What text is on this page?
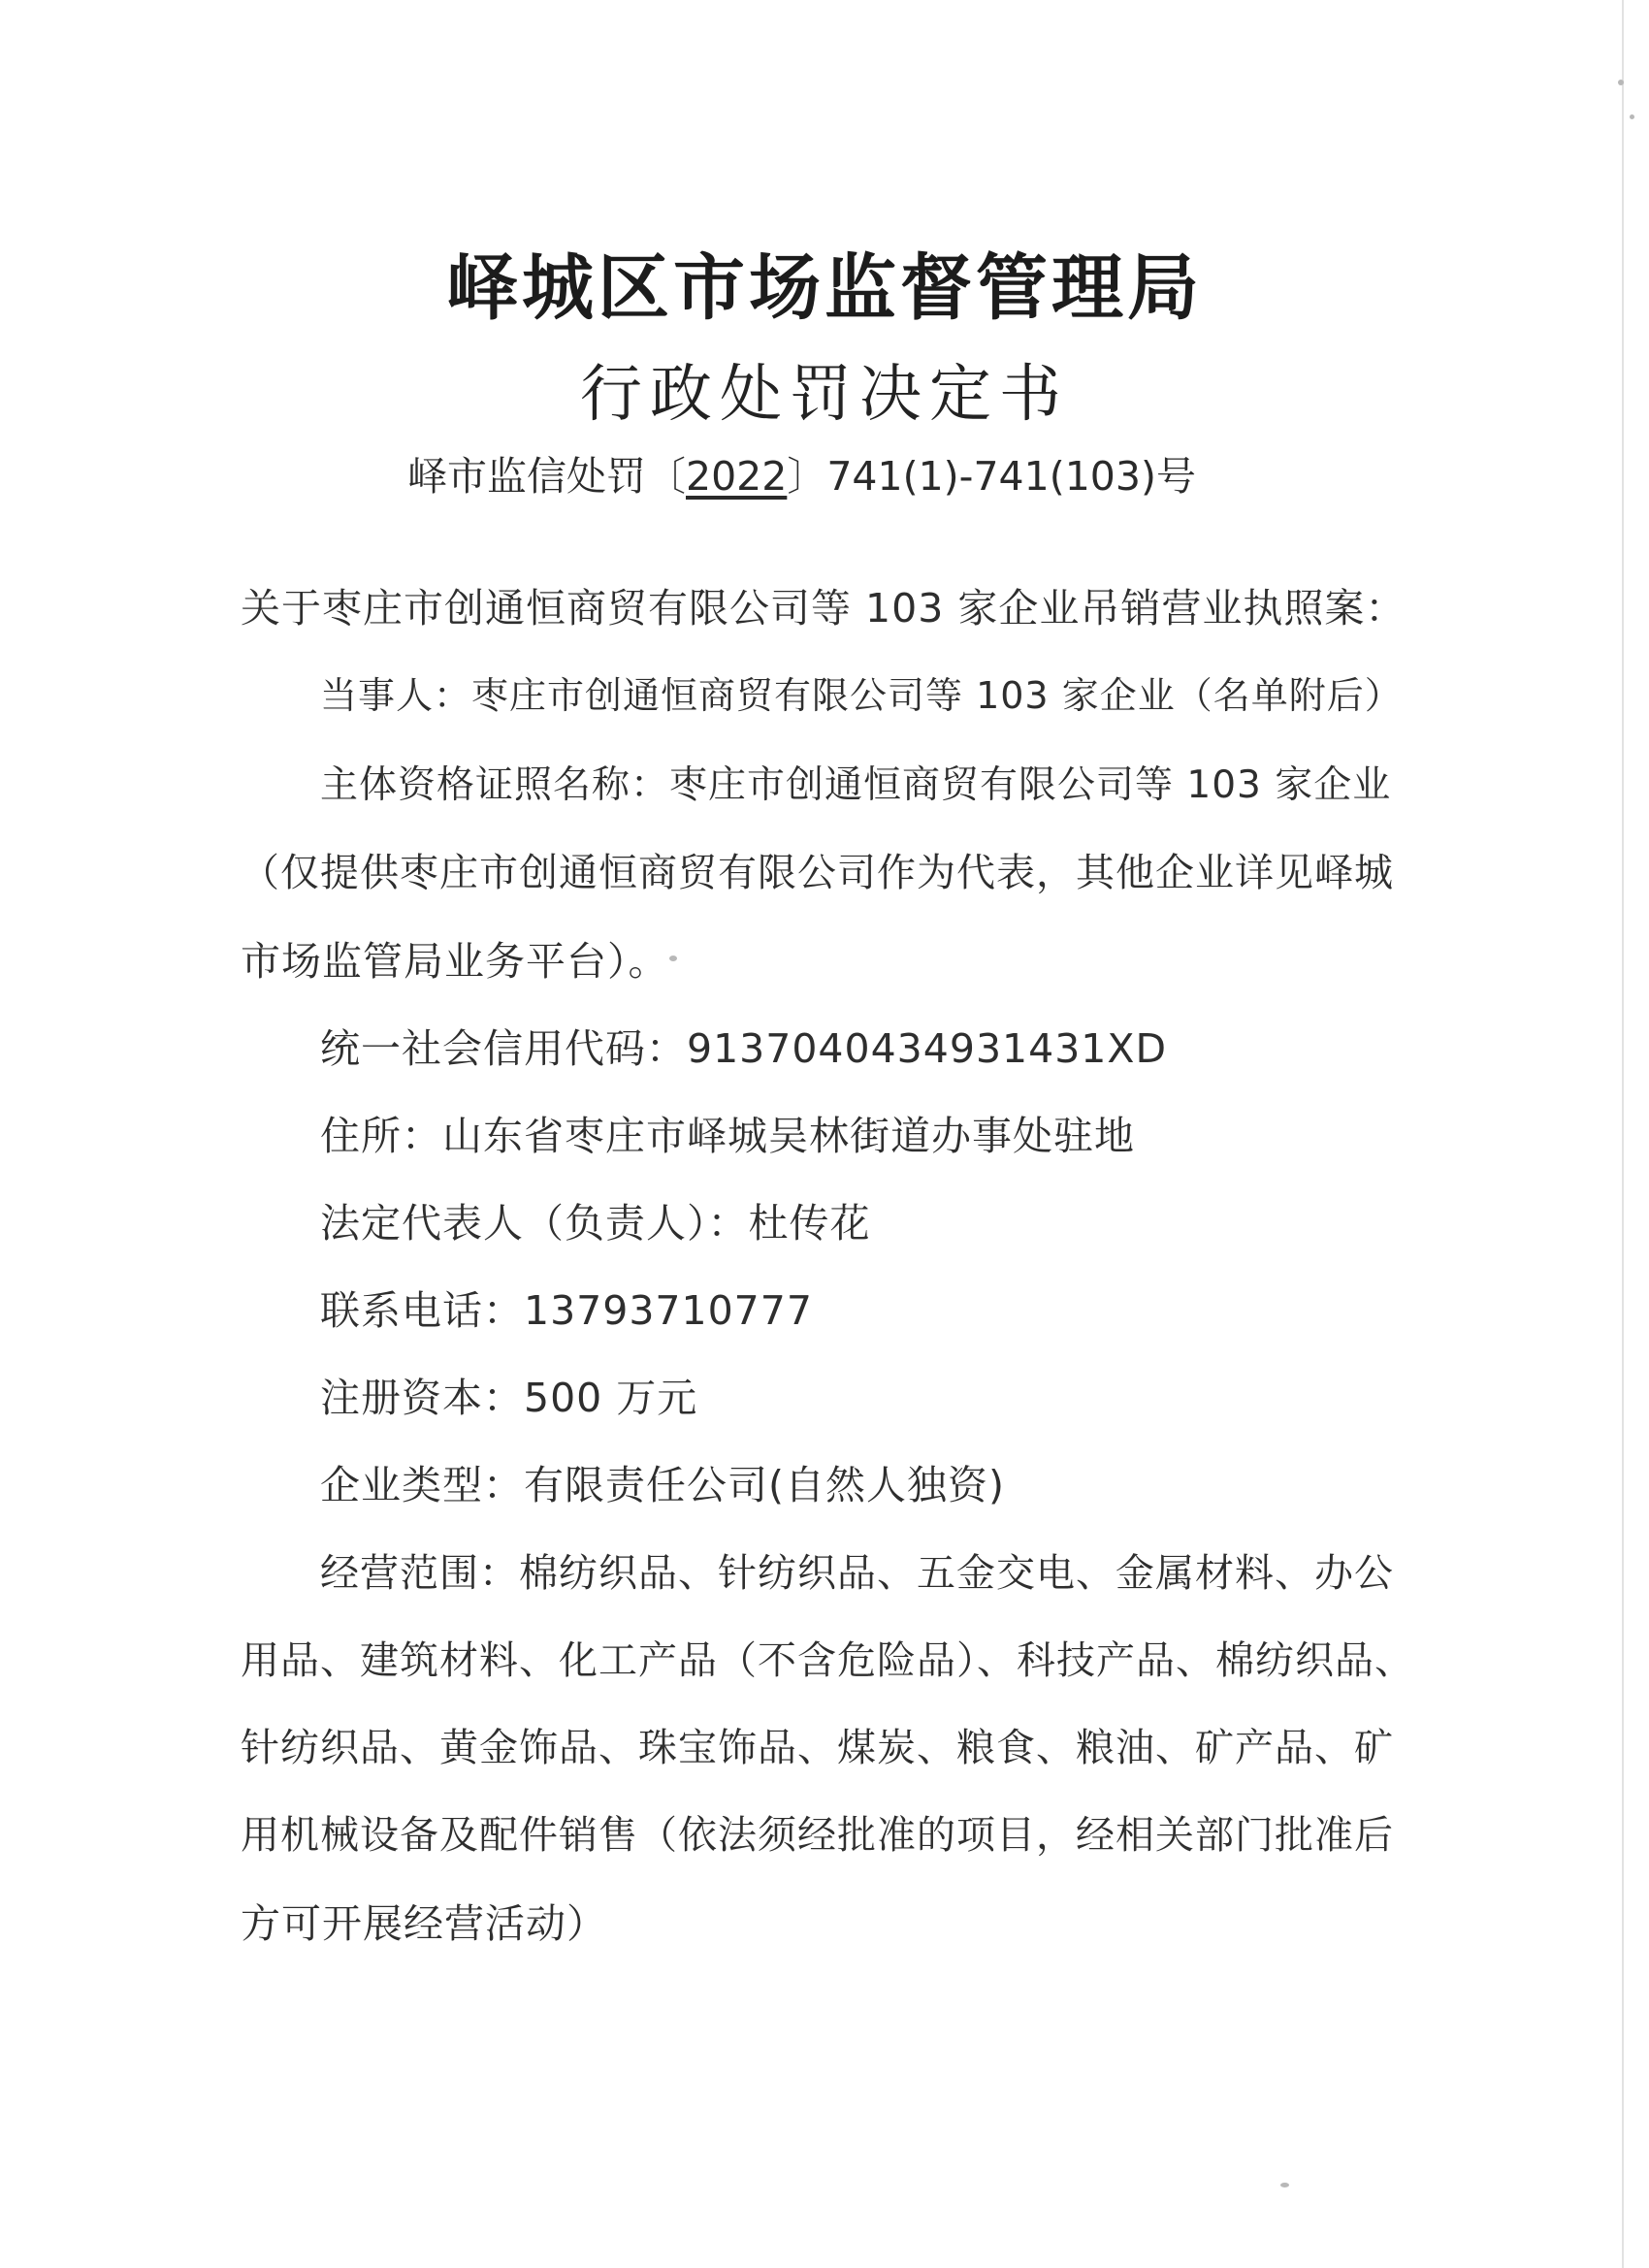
峄城区市场监督管理局
行政处罚决定书
峄市监信处罚〔2022〕741(1)-741(103)号
关于枣庄市创通恒商贸有限公司等 103 家企业吊销营业执照案：
当事人：枣庄市创通恒商贸有限公司等 103 家企业（名单附后）
主体资格证照名称：枣庄市创通恒商贸有限公司等 103 家企业
（仅提供枣庄市创通恒商贸有限公司作为代表，其他企业详见峄城
市场监管局业务平台）。
统一社会信用代码：9137040434931431XD
住所：山东省枣庄市峄城吴林街道办事处驻地
法定代表人（负责人）：杜传花
联系电话：13793710777
注册资本：500 万元
企业类型：有限责任公司(自然人独资)
经营范围：棉纺织品、针纺织品、五金交电、金属材料、办公
用品、建筑材料、化工产品（不含危险品）、科技产品、棉纺织品、
针纺织品、黄金饰品、珠宝饰品、煤炭、粮食、粮油、矿产品、矿
用机械设备及配件销售（依法须经批准的项目，经相关部门批准后
方可开展经营活动）
